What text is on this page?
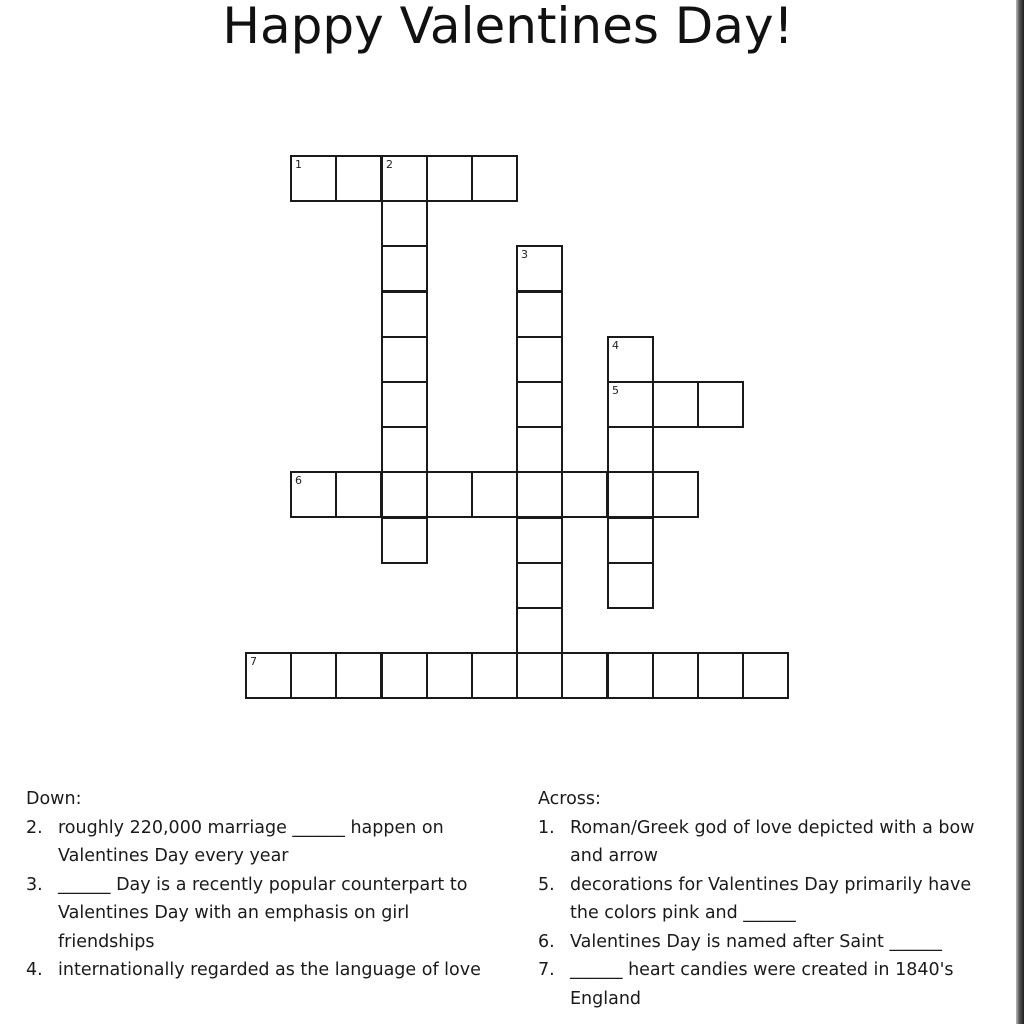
Happy Valentines Day!
1	2
3
4
5
6
7
Down:
2. roughly 220,000 marriage ______ happen on Valentines Day every year
3. ______ Day is a recently popular counterpart to Valentines Day with an emphasis on girl friendships
4. internationally regarded as the language of love
Across:
1. Roman/Greek god of love depicted with a bow and arrow
5. decorations for Valentines Day primarily have the colors pink and ______
6. Valentines Day is named after Saint ______
7. ______ heart candies were created in 1840's England
